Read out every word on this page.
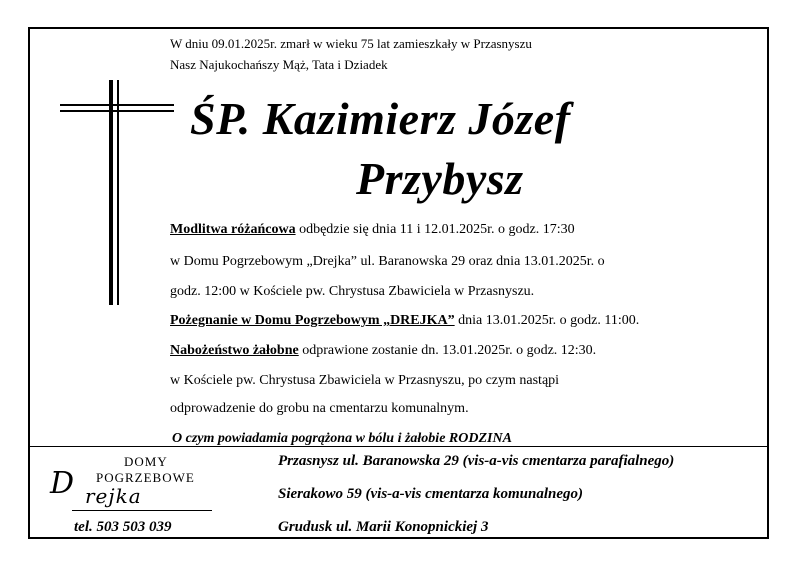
W dniu 09.01.2025r. zmarł w wieku 75 lat zamieszkały w Przasnyszu
Nasz Najukochańszy Mąż, Tata i Dziadek
ŚP. Kazimierz Józef
Przybysz
Modlitwa różańcowa odbędzie się dnia 11 i 12.01.2025r. o godz. 17:30
w Domu Pogrzebowym „Drejka” ul. Baranowska 29 oraz dnia 13.01.2025r. o
godz. 12:00 w Kościele pw. Chrystusa Zbawiciela w Przasnyszu.
Pożegnanie w Domu Pogrzebowym „DREJKA” dnia 13.01.2025r. o godz. 11:00.
Nabożeństwo żałobne odprawione zostanie dn. 13.01.2025r. o godz. 12:30.
w Kościele pw. Chrystusa Zbawiciela w Przasnyszu, po czym nastąpi
odprowadzenie do grobu na cmentarzu komunalnym.
O czym powiadamia pogrążona w bólu i żałobie RODZINA
DOMY
POGRZEBOWE
D rejka
tel. 503 503 039
Przasnysz ul. Baranowska 29 (vis-a-vis cmentarza parafialnego)
Sierakowo 59 (vis-a-vis cmentarza komunalnego)
Grudusk ul. Marii Konopnickiej 3
